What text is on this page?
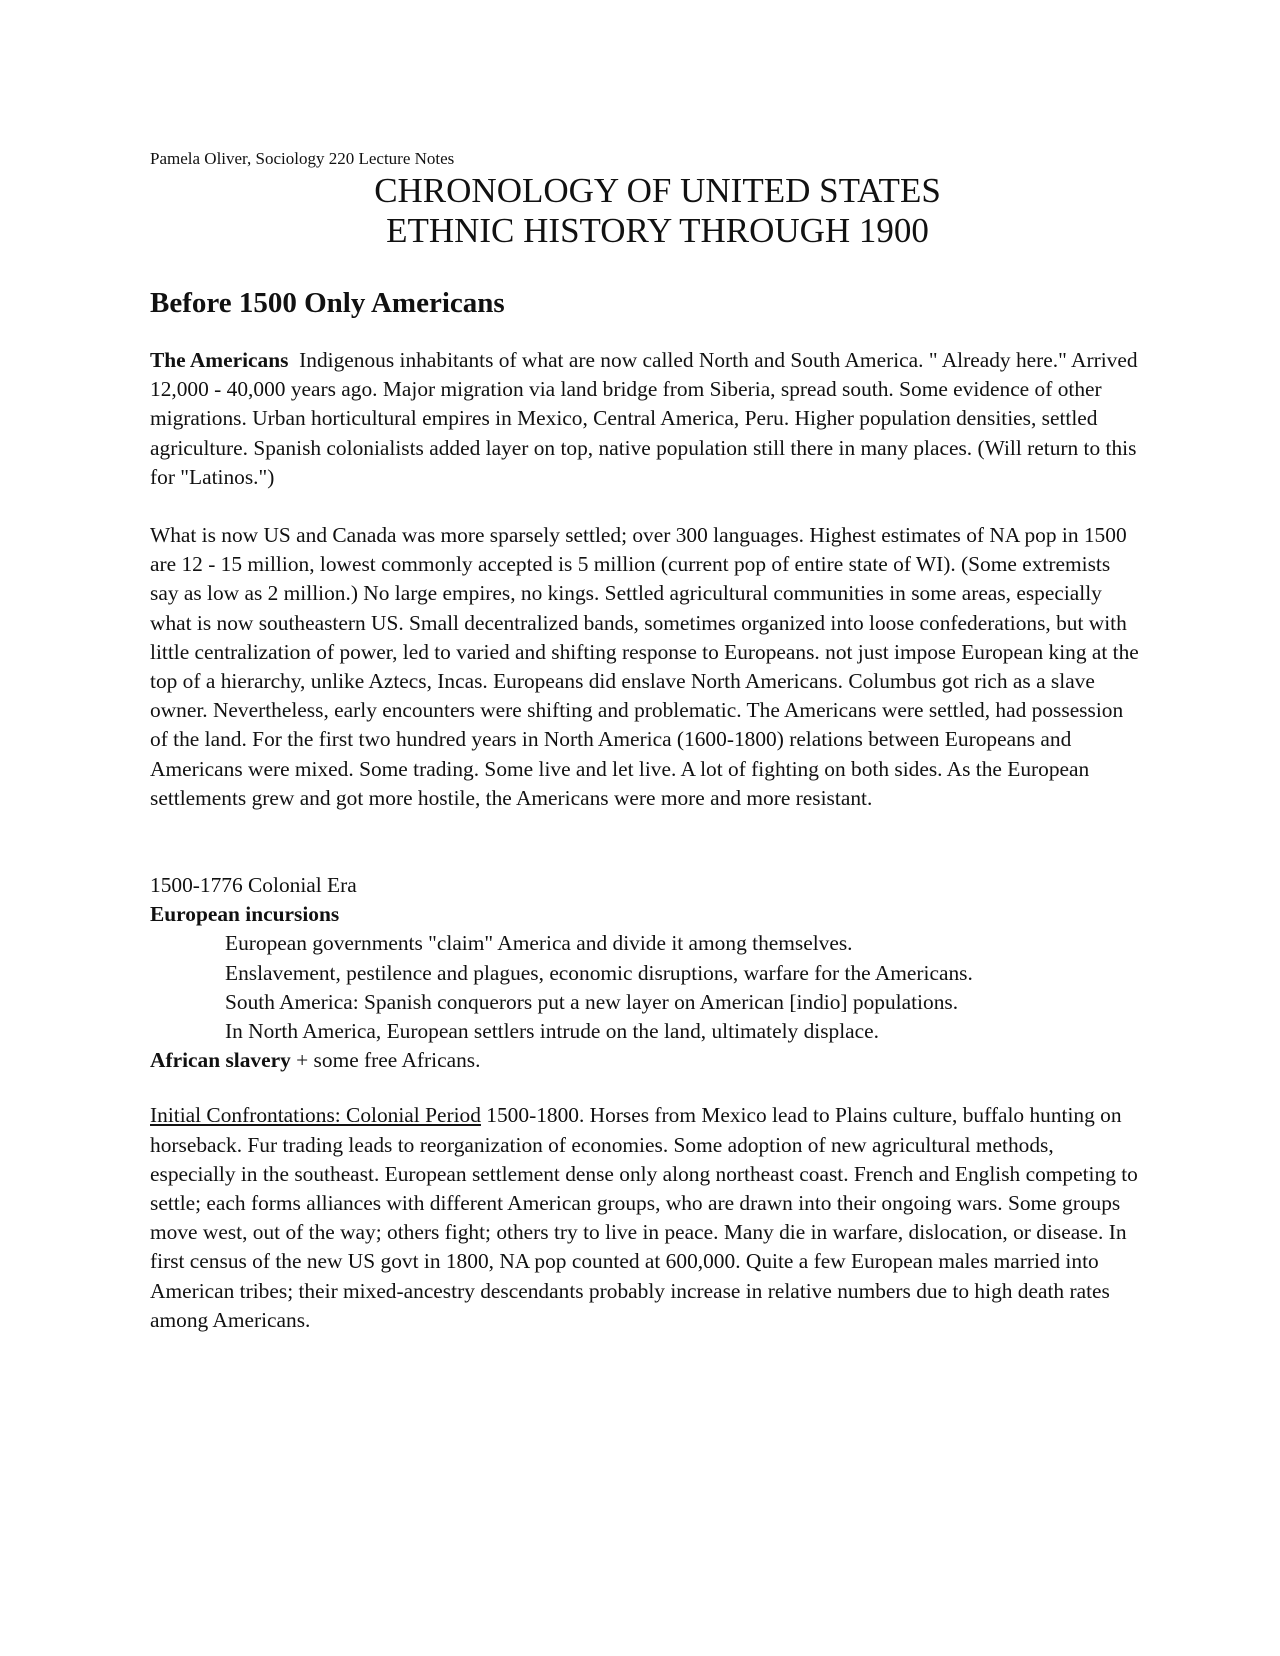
Pamela Oliver, Sociology 220 Lecture Notes

CHRONOLOGY OF UNITED STATES
ETHNIC HISTORY THROUGH 1900
Before 1500 Only Americans

The Americans Indigenous inhabitants of what are now called North and South America. " Already here." Arrived 12,000 - 40,000 years ago. Major migration via land bridge from Siberia, spread south. Some evidence of other migrations. Urban horticultural empires in Mexico, Central America, Peru. Higher population densities, settled agriculture. Spanish colonialists added layer on top, native population still there in many places. (Will return to this for "Latinos.")

What is now US and Canada was more sparsely settled; over 300 languages. Highest estimates of NA pop in 1500 are 12 - 15 million, lowest commonly accepted is 5 million (current pop of entire state of WI). (Some extremists say as low as 2 million.) No large empires, no kings. Settled agricultural communities in some areas, especially what is now southeastern US. Small decentralized bands, sometimes organized into loose confederations, but with little centralization of power, led to varied and shifting response to Europeans. not just impose European king at the top of a hierarchy, unlike Aztecs, Incas. Europeans did enslave North Americans. Columbus got rich as a slave owner. Nevertheless, early encounters were shifting and problematic. The Americans were settled, had possession of the land. For the first two hundred years in North America (1600-1800) relations between Europeans and Americans were mixed. Some trading. Some live and let live. A lot of fighting on both sides. As the European settlements grew and got more hostile, the Americans were more and more resistant.

1500-1776 Colonial Era
European incursions
European governments "claim" America and divide it among themselves.
Enslavement, pestilence and plagues, economic disruptions, warfare for the Americans.
South America: Spanish conquerors put a new layer on American [indio] populations.
In North America, European settlers intrude on the land, ultimately displace.
African slavery + some free Africans.

Initial Confrontations: Colonial Period 1500-1800. Horses from Mexico lead to Plains culture, buffalo hunting on horseback. Fur trading leads to reorganization of economies. Some adoption of new agricultural methods, especially in the southeast. European settlement dense only along northeast coast. French and English competing to settle; each forms alliances with different American groups, who are drawn into their ongoing wars. Some groups move west, out of the way; others fight; others try to live in peace. Many die in warfare, dislocation, or disease. In first census of the new US govt in 1800, NA pop counted at 600,000. Quite a few European males married into American tribes; their mixed-ancestry descendants probably increase in relative numbers due to high death rates among Americans.
